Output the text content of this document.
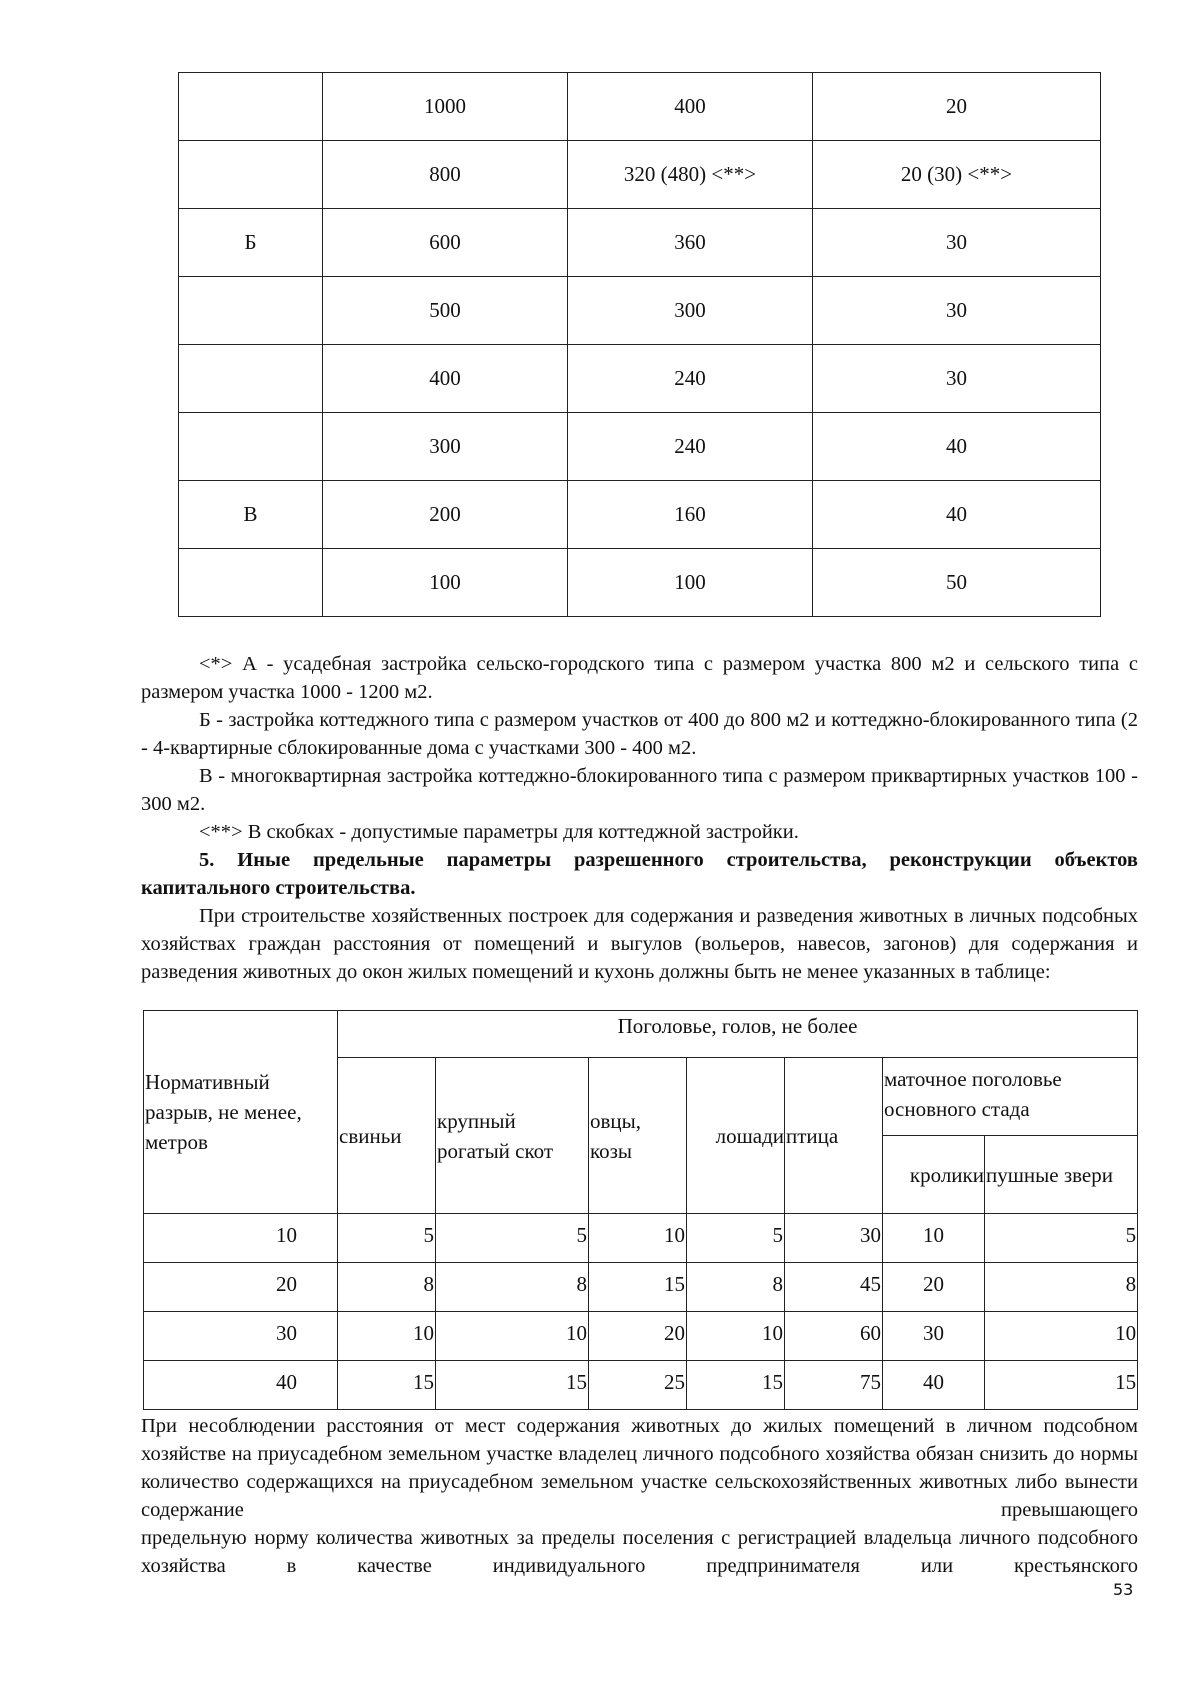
	1000	400	20
	800	320 (480) <**>	20 (30) <**>
Б	600	360	30
	500	300	30
	400	240	30
	300	240	40
В	200	160	40
	100	100	50

<*> А - усадебная застройка сельско-городского типа с размером участка 800 м2 и сельского типа с размером участка 1000 - 1200 м2.

Б - застройка коттеджного типа с размером участков от 400 до 800 м2 и коттеджно-блокированного типа (2 - 4-квартирные сблокированные дома с участками 300 - 400 м2.

В - многоквартирная застройка коттеджно-блокированного типа с размером приквартирных участков 100 - 300 м2.

<**> В скобках - допустимые параметры для коттеджной застройки.

5. Иные предельные параметры разрешенного строительства, реконструкции объектов капитального строительства.

При строительстве хозяйственных построек для содержания и разведения животных в личных подсобных хозяйствах граждан расстояния от помещений и выгулов (вольеров, навесов, загонов) для содержания и разведения животных до окон жилых помещений и кухонь должны быть не менее указанных в таблице:

Нормативный разрыв, не менее, метров	Поголовье, голов, не более						
	свиньи	крупный рогатый скот	овцы, козы	лошади	птица	маточное поголовье основного стада	
						кролики	пушные звери
10	5	5	10	5	30	10	5
20	8	8	15	8	45	20	8
30	10	10	20	10	60	30	10
40	15	15	25	15	75	40	15

При несоблюдении расстояния от мест содержания животных до жилых помещений в личном подсобном хозяйстве на приусадебном земельном участке владелец личного подсобного хозяйства обязан снизить до нормы количество содержащихся на приусадебном земельном участке сельскохозяйственных животных либо вынести содержание превышающего

предельную норму количества животных за пределы поселения с регистрацией владельца личного подсобного хозяйства в качестве индивидуального предпринимателя или крестьянского

53
